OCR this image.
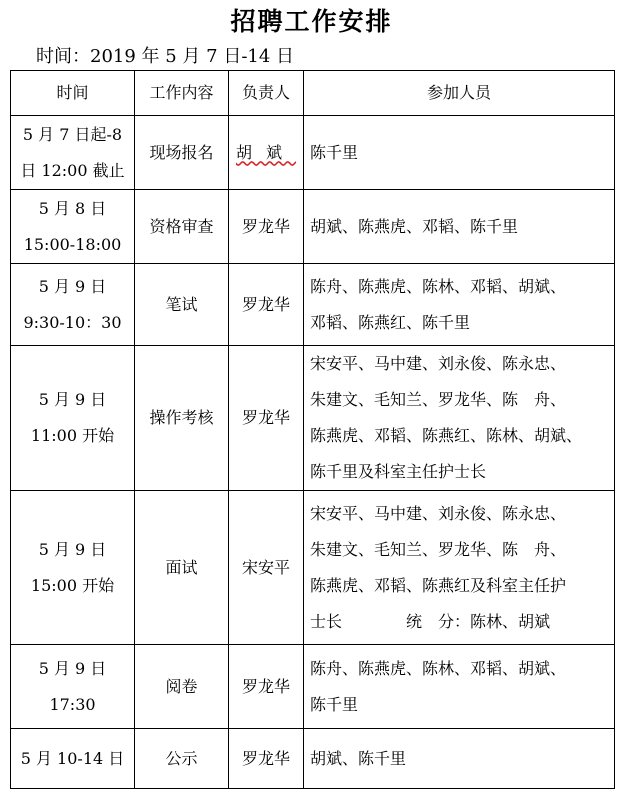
招聘工作安排
时间：2019 年 5 月 7 日-14 日
时间	工作内容	负责人	参加人员

5 月 7 日起-8
日 12:00 截止	现场报名	胡斌	陈千里

5 月 8 日
15:00-18:00	资格审查	罗龙华	胡斌、陈燕虎、邓韬、陈千里

5 月 9 日
9:30-10：30	笔试	罗龙华	陈舟、陈燕虎、陈林、邓韬、胡斌、
邓韬、陈燕红、陈千里

5 月 9 日
11:00 开始	操作考核	罗龙华	宋安平、马中建、刘永俊、陈永忠、
朱建文、毛知兰、罗龙华、陈　舟、
陈燕虎、邓韬、陈燕红、陈林、胡斌、
陈千里及科室主任护士长

5 月 9 日
15:00 开始	面试	宋安平	宋安平、马中建、刘永俊、陈永忠、
朱建文、毛知兰、罗龙华、陈　舟、
陈燕虎、邓韬、陈燕红及科室主任护
士长　　　　统　分：陈林、胡斌

5 月 9 日
17:30	阅卷	罗龙华	陈舟、陈燕虎、陈林、邓韬、胡斌、
陈千里

5 月 10-14 日	公示	罗龙华	胡斌、陈千里
